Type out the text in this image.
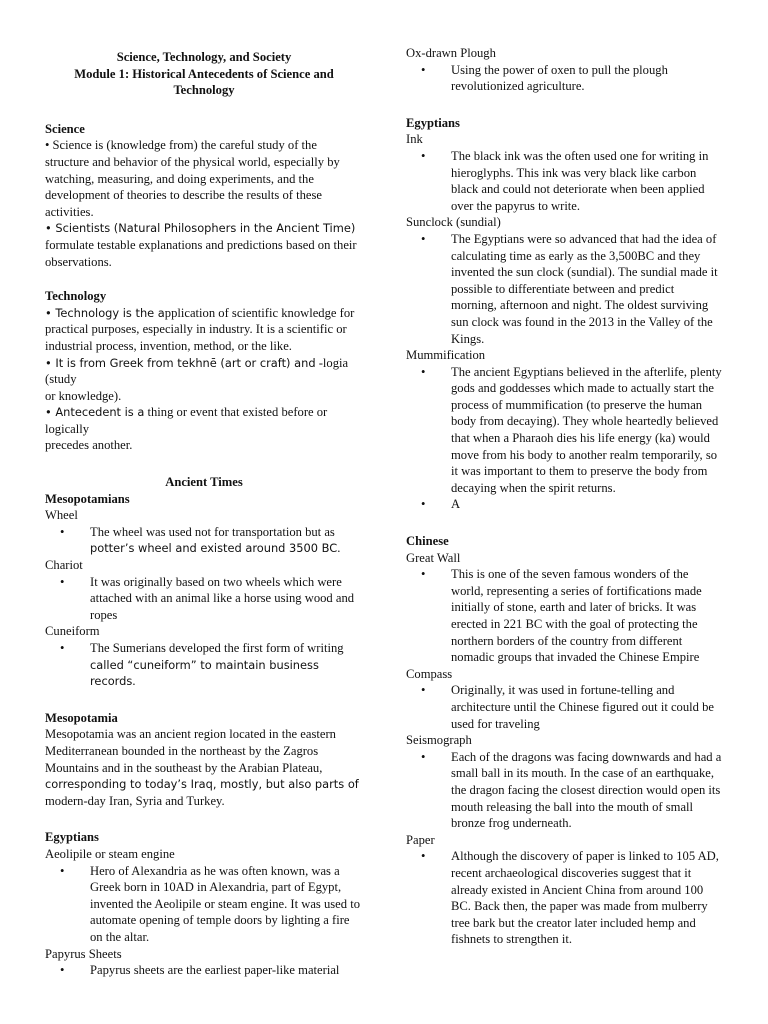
Science, Technology, and Society

Module 1: Historical Antecedents of Science and

Technology

Science

• Science is (knowledge from) the careful study of the
structure and behavior of the physical world, especially by
watching, measuring, and doing experiments, and the
development of theories to describe the results of these
activities.

• Scientists (Natural Philosophers in the Ancient Time)
formulate testable explanations and predictions based on their
observations.

Technology

• Technology is the application of scientific knowledge for
practical purposes, especially in industry. It is a scientific or
industrial process, invention, method, or the like.

• It is from Greek from tekhnē (art or craft) and -logia (study
or knowledge).

• Antecedent is a thing or event that existed before or logically
precedes another.

Ancient Times

Mesopotamians

Wheel

• The wheel was used not for transportation but as
potter’s wheel and existed around 3500 BC.

Chariot

• It was originally based on two wheels which were
attached with an animal like a horse using wood and
ropes

Cuneiform

• The Sumerians developed the first form of writing
called “cuneiform” to maintain business records.

Mesopotamia

Mesopotamia was an ancient region located in the eastern
Mediterranean bounded in the northeast by the Zagros
Mountains and in the southeast by the Arabian Plateau,
corresponding to today’s Iraq, mostly, but also parts of
modern-day Iran, Syria and Turkey.

Egyptians

Aeolipile or steam engine

• Hero of Alexandria as he was often known, was a
Greek born in 10AD in Alexandria, part of Egypt,
invented the Aeolipile or steam engine. It was used to
automate opening of temple doors by lighting a fire
on the altar.

Papyrus Sheets

• Papyrus sheets are the earliest paper-like material

Ox-drawn Plough

• Using the power of oxen to pull the plough
revolutionized agriculture.

Egyptians

Ink

• The black ink was the often used one for writing in
hieroglyphs. This ink was very black like carbon
black and could not deteriorate when been applied
over the papyrus to write.

Sunclock (sundial)

• The Egyptians were so advanced that had the idea of
calculating time as early as the 3,500BC and they
invented the sun clock (sundial). The sundial made it
possible to differentiate between and predict
morning, afternoon and night. The oldest surviving
sun clock was found in the 2013 in the Valley of the
Kings.

Mummification

• The ancient Egyptians believed in the afterlife, plenty
gods and goddesses which made to actually start the
process of mummification (to preserve the human
body from decaying). They whole heartedly believed
that when a Pharaoh dies his life energy (ka) would
move from his body to another realm temporarily, so
it was important to them to preserve the body from
decaying when the spirit returns.
• A

Chinese

Great Wall

• This is one of the seven famous wonders of the
world, representing a series of fortifications made
initially of stone, earth and later of bricks. It was
erected in 221 BC with the goal of protecting the
northern borders of the country from different
nomadic groups that invaded the Chinese Empire

Compass

• Originally, it was used in fortune-telling and
architecture until the Chinese figured out it could be
used for traveling

Seismograph

• Each of the dragons was facing downwards and had a
small ball in its mouth. In the case of an earthquake,
the dragon facing the closest direction would open its
mouth releasing the ball into the mouth of small
bronze frog underneath.

Paper

• Although the discovery of paper is linked to 105 AD,
recent archaeological discoveries suggest that it
already existed in Ancient China from around 100
BC. Back then, the paper was made from mulberry
tree bark but the creator later included hemp and
fishnets to strengthen it.
